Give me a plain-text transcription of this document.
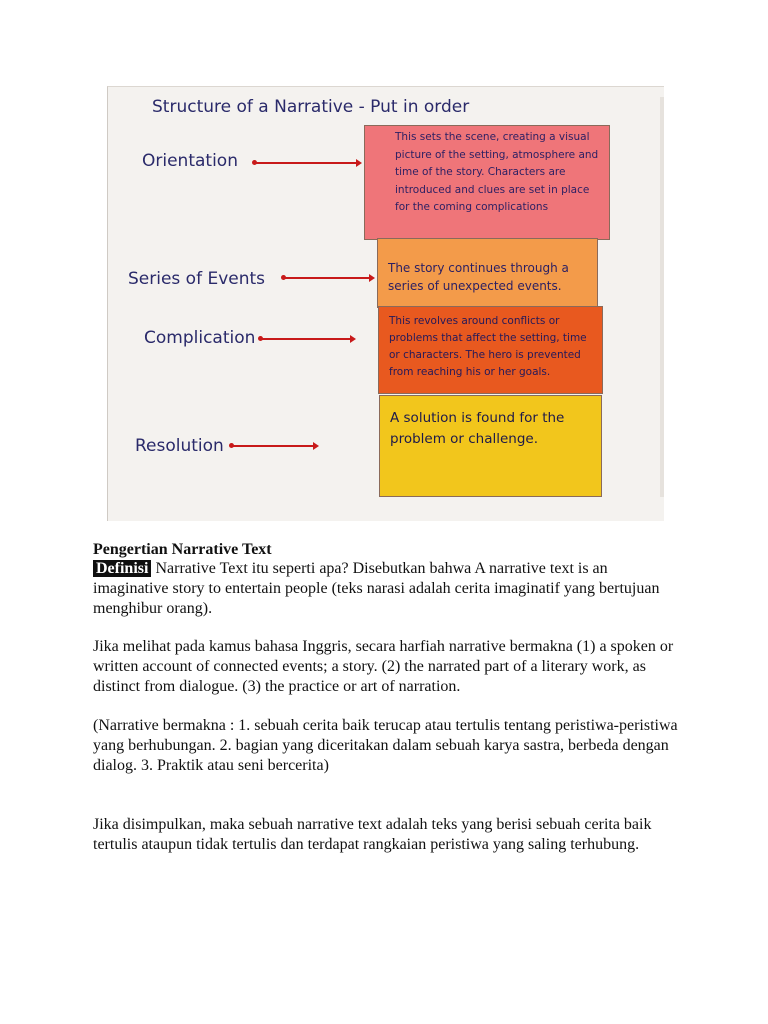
Structure of a Narrative - Put in order
Orientation
Series of Events
Complication
Resolution
This sets the scene, creating a visual picture of the setting, atmosphere and time of the story. Characters are introduced and clues are set in place for the coming complications
The story continues through a series of unexpected events.
This revolves around conflicts or problems that affect the setting, time or characters. The hero is prevented from reaching his or her goals.
A solution is found for the problem or challenge.
Pengertian Narrative Text
Definisi Narrative Text itu seperti apa? Disebutkan bahwa A narrative text is an imaginative story to entertain people (teks narasi adalah cerita imaginatif yang bertujuan menghibur orang).
Jika melihat pada kamus bahasa Inggris, secara harfiah narrative bermakna (1) a spoken or written account of connected events; a story. (2) the narrated part of a literary work, as distinct from dialogue. (3) the practice or art of narration.
(Narrative bermakna : 1. sebuah cerita baik terucap atau tertulis tentang peristiwa-peristiwa yang berhubungan. 2. bagian yang diceritakan dalam sebuah karya sastra, berbeda dengan dialog. 3. Praktik atau seni bercerita)
Jika disimpulkan, maka sebuah narrative text adalah teks yang berisi sebuah cerita baik tertulis ataupun tidak tertulis dan terdapat rangkaian peristiwa yang saling terhubung.
